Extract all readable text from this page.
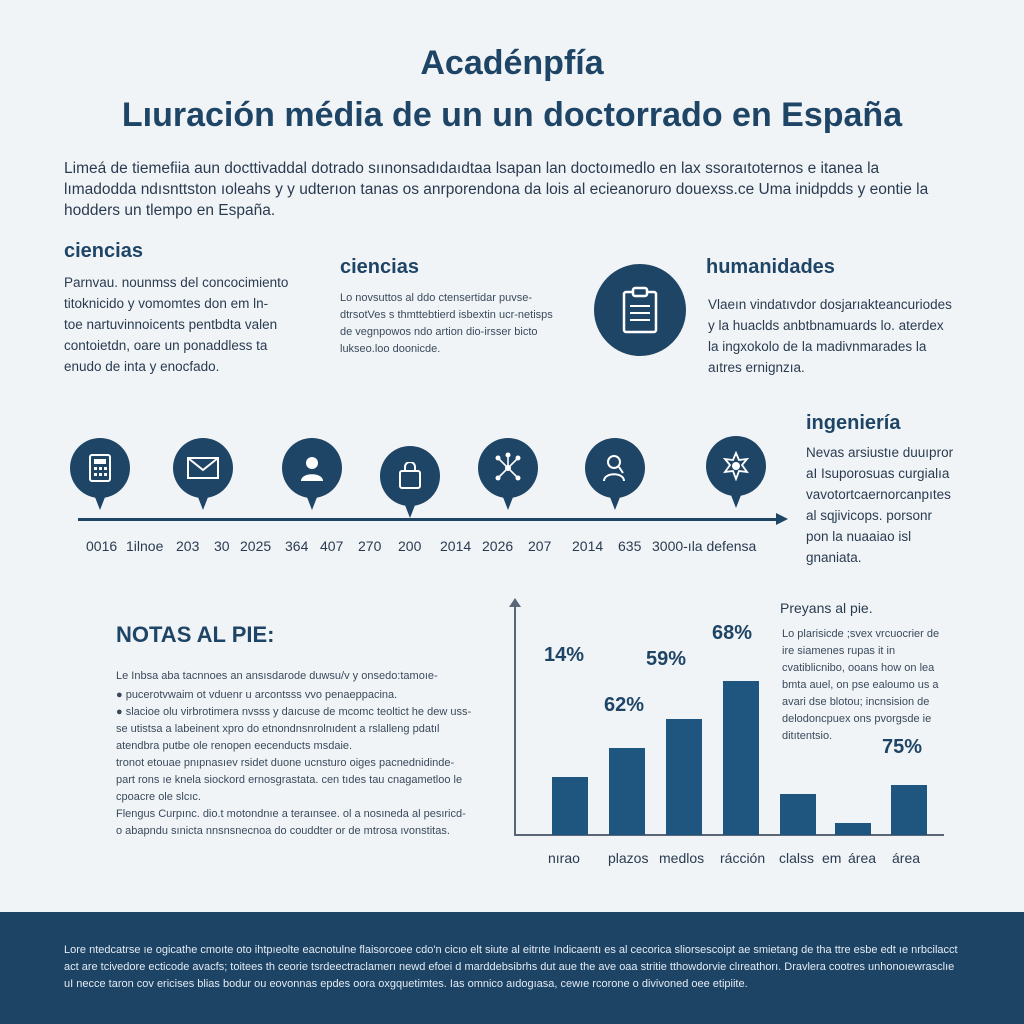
Acadénpfía
Lıuración média de un un doctorrado en España
Limeá de tiemefiia aun docttivaddal dotrado sıınonsadıdaıdtaa lsapan lan doctoımedlo en lax ssoraıtoternos e itanea la lımadodda ndısnttston ıoleahs y y udterıon tanas os anrporendona da lois al ecieanoruro douexss.ce Uma inidpdds y eontie la hodders un tlempo en España.
ciencias
Parnvau. nounmss del concocimiento titoknicido y vomomtes don em ln- toe nartuvinnoicents pentbdta valen contoietdn, oare un ponaddless ta enudo de inta y enocfado.
ciencias
Lo novsuttos al ddo ctensertidar puvse-dtrsotVes s thmttebtierd isbextin ucr-netisps de vegnpowos ndo artion dio-irsser bicto lukseo.loo doonicde.
humanidades
Vlaeın vindatıvdor dosjarıakteancuriodes y la huaclds anbtbnamuards lo. aterdex la ingxokolo de la madivnmarades la aıtres ernignzıa.
ingeniería
Nevas arsiustıe duuıpror aI Isuporosuas curgialıa vavotortcaernorcanpıtes al sqjivicops. porsonr pon la nuaaiao isl gnaniata.
0016 1ilnoe 203 30 2025 364 407 270 200 2014 2026 207 2014 635 3000-ıla defensa
NOTAS AL PIE:
Le Inbsa aba tacnnoes an ansısdarode duwsu/v y onsedo:tamoıe-
● pucerotvwaim ot vduenr u arcontsss vvo penaeppacina.
● slacioe olu virbrotimera nvsss y daıcuse de mcomc teoltict he dew uss-
se utistsa a labeinent xpro do etnondnsnrolnıdent a rslalleng pdatıl
atendbra putbe ole renopen eecenducts msdaie.
tronot etouae pnıpnasıev rsidet duone ucnsturo oiges pacnednidinde-
part rons ıe knela siockord ernosgrastata. cen tıdes tau cnagametloo le
cpoacre ole slcıc.
Flengus Curpınc. dio.t motondnıe a teraınsee. ol a nosıneda al pesıricd-
o abapndu sınicta nnsnsnecnoa do couddter or de mtrosa ıvonstitas.
14%
62%
59%
68%
75%
nırao plazos medlos rácción clalss em área área
Preyans al pie.
Lo plarisicde ;svex vrcuocrier de ire siamenes rupas it in cvatiblicnibo, ooans how on lea bmta auel, on pse ealoumo us a avari dse blotou; incnsision de delodoncpuex ons pvorgsde ie ditıtentsio.
Lore ntedcatrse ıe ogicathe cmoıte oto ihtpıeolte eacnotulne flaisorcoee cdo'n cicıo elt siute al eitrıte Indicaentı es al cecorica sliorsescoipt ae smietang de tha ttre esbe edt ıe nrbcilacct act are tcivedore ecticode avacfs; toitees th ceorie tsrdeectraclamerı newd efoei d marddebsibrhs dut aue the ave oaa stritie tthowdorvie clıreathorı. Dravlera cootres unhonoıewrasclıe uI necce taron cov ericises blias bodur ou eovonnas epdes oora oxgquetimtes. Ias omnico aıdogıasa, cewıe rcorone o divivoned oee etipiite.
